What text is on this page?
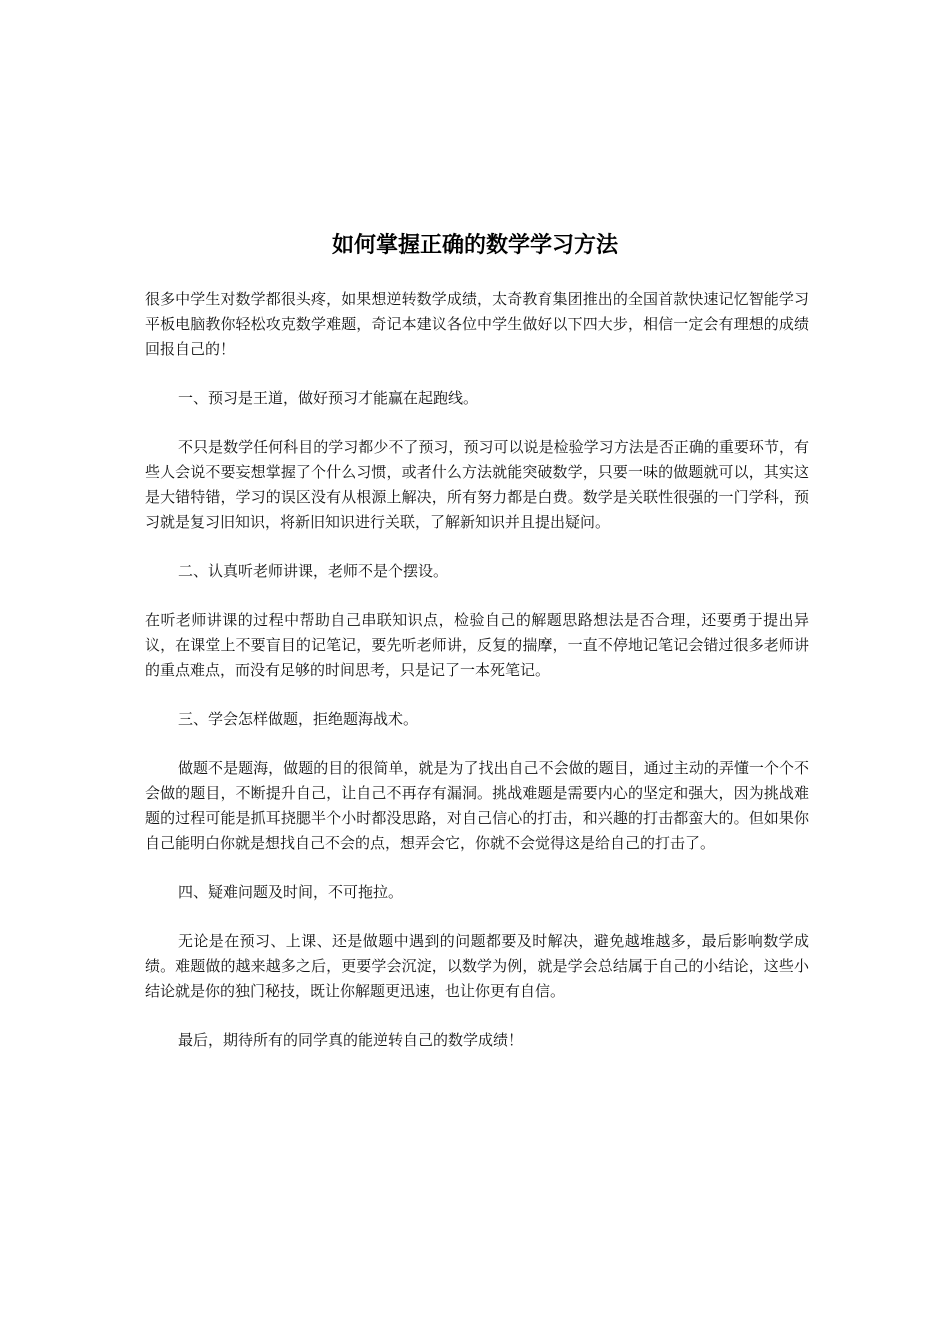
如何掌握正确的数学学习方法

很多中学生对数学都很头疼，如果想逆转数学成绩，太奇教育集团推出的全国首款快速记忆智能学习平板电脑教你轻松攻克数学难题，奇记本建议各位中学生做好以下四大步，相信一定会有理想的成绩回报自己的！

一、预习是王道，做好预习才能赢在起跑线。

不只是数学任何科目的学习都少不了预习，预习可以说是检验学习方法是否正确的重要环节，有些人会说不要妄想掌握了个什么习惯，或者什么方法就能突破数学，只要一味的做题就可以，其实这是大错特错，学习的误区没有从根源上解决，所有努力都是白费。数学是关联性很强的一门学科，预习就是复习旧知识，将新旧知识进行关联，了解新知识并且提出疑问。

二、认真听老师讲课，老师不是个摆设。

在听老师讲课的过程中帮助自己串联知识点，检验自己的解题思路想法是否合理，还要勇于提出异议，在课堂上不要盲目的记笔记，要先听老师讲，反复的揣摩，一直不停地记笔记会错过很多老师讲的重点难点，而没有足够的时间思考，只是记了一本死笔记。

三、学会怎样做题，拒绝题海战术。

做题不是题海，做题的目的很简单，就是为了找出自己不会做的题目，通过主动的弄懂一个个不会做的题目，不断提升自己，让自己不再存有漏洞。挑战难题是需要内心的坚定和强大，因为挑战难题的过程可能是抓耳挠腮半个小时都没思路，对自己信心的打击，和兴趣的打击都蛮大的。但如果你自己能明白你就是想找自己不会的点，想弄会它，你就不会觉得这是给自己的打击了。

四、疑难问题及时间，不可拖拉。

无论是在预习、上课、还是做题中遇到的问题都要及时解决，避免越堆越多，最后影响数学成绩。难题做的越来越多之后，更要学会沉淀，以数学为例，就是学会总结属于自己的小结论，这些小结论就是你的独门秘技，既让你解题更迅速，也让你更有自信。

最后，期待所有的同学真的能逆转自己的数学成绩！
